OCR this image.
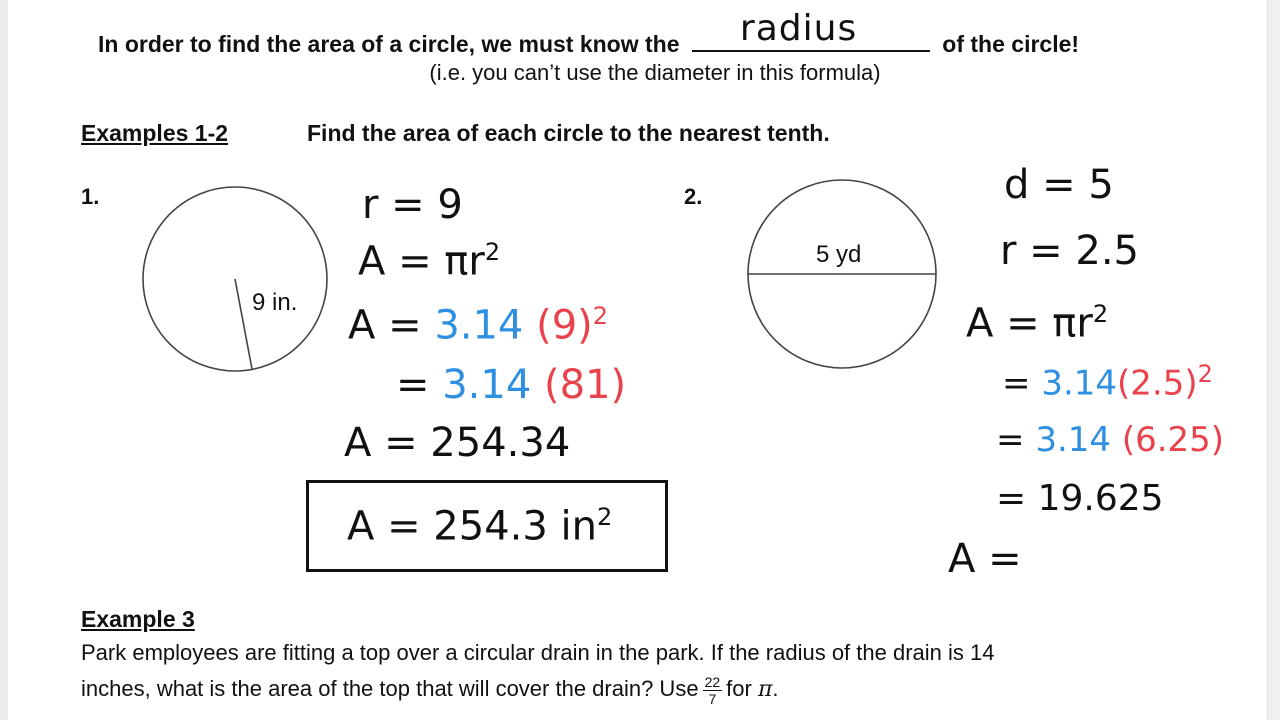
In order to find the area of a circle, we must know the radius	of the circle!
(i.e. you can’t use the diameter in this formula)
Examples 1-2	Find the area of each circle to the nearest tenth.
1.
9 in.
r = 9
$A = \pi r^2$
A = 3.14 $(9)^2$
= 3.14 (81)
A = 254.34
A = 254.3 $in^2$
2.
5 yd
d = 5
r = 2.5
$A = \pi r^2$
= $3.14(2.5)^2$
= 3.14 (6.25)
= 19.625
A =
Example 3
Park employees are fitting a top over a circular drain in the park. If the radius of the drain is 14
inches, what is the area of the top that will cover the drain? Use $\frac{22}{7}$ for π.
